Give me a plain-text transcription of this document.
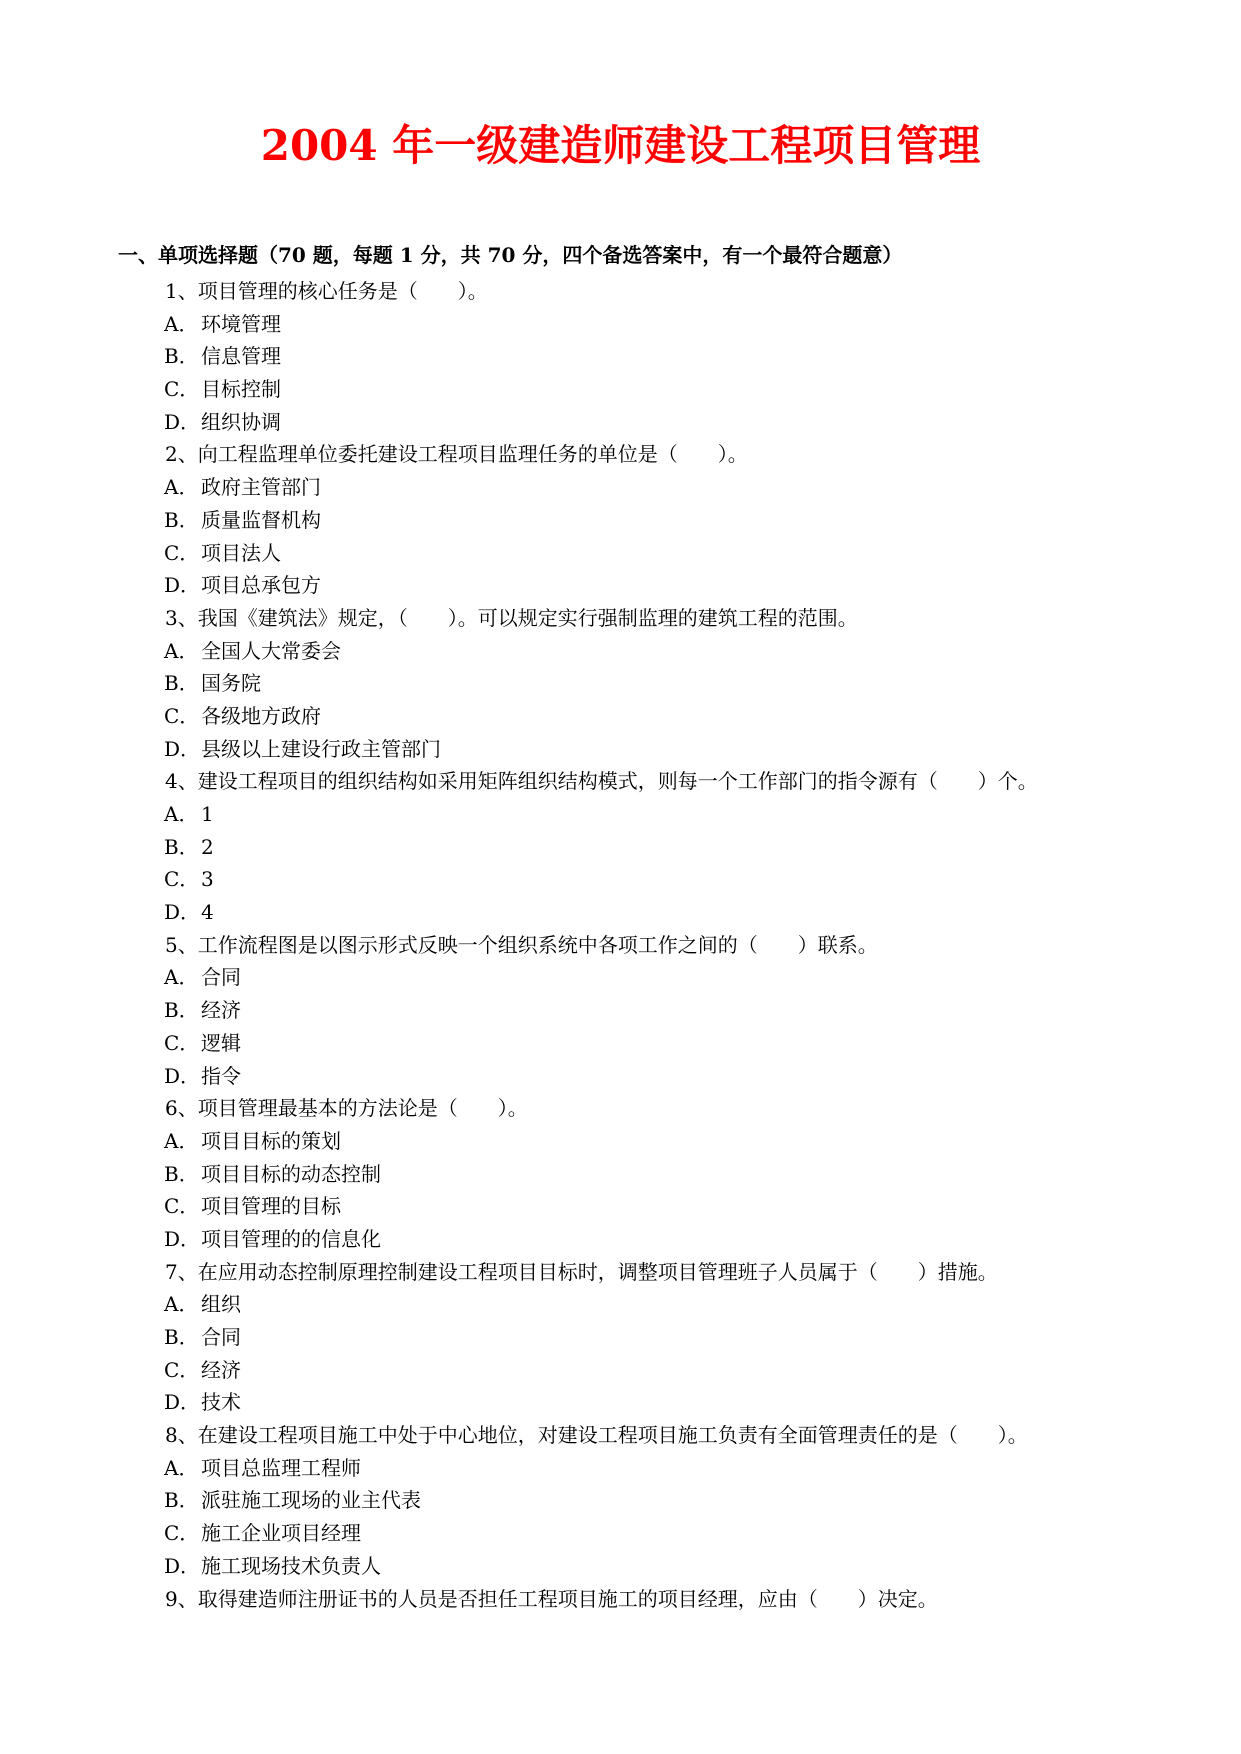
2004 年一级建造师建设工程项目管理
一、单项选择题（70 题，每题 1 分，共 70 分，四个备选答案中，有一个最符合题意）
1、项目管理的核心任务是（　　）。
A． 环境管理
B． 信息管理
C．目标控制
D．组织协调
2、向工程监理单位委托建设工程项目监理任务的单位是（　　）。
A． 政府主管部门
B． 质量监督机构
C．项目法人
D．项目总承包方
3、我国《建筑法》规定，（　　）。可以规定实行强制监理的建筑工程的范围。
A． 全国人大常委会
B． 国务院
C．各级地方政府
D．县级以上建设行政主管部门
4、建设工程项目的组织结构如采用矩阵组织结构模式，则每一个工作部门的指令源有（　　）个。
A． 1
B． 2
C．3
D．4
5、工作流程图是以图示形式反映一个组织系统中各项工作之间的（　　）联系。
A． 合同
B． 经济
C．逻辑
D．指令
6、项目管理最基本的方法论是（　　）。
A． 项目目标的策划
B． 项目目标的动态控制
C．项目管理的目标
D．项目管理的的信息化
7、在应用动态控制原理控制建设工程项目目标时，调整项目管理班子人员属于（　　）措施。
A． 组织
B． 合同
C．经济
D．技术
8、在建设工程项目施工中处于中心地位，对建设工程项目施工负责有全面管理责任的是（　　）。
A． 项目总监理工程师
B． 派驻施工现场的业主代表
C．施工企业项目经理
D．施工现场技术负责人
9、取得建造师注册证书的人员是否担任工程项目施工的项目经理，应由（　　）决定。
